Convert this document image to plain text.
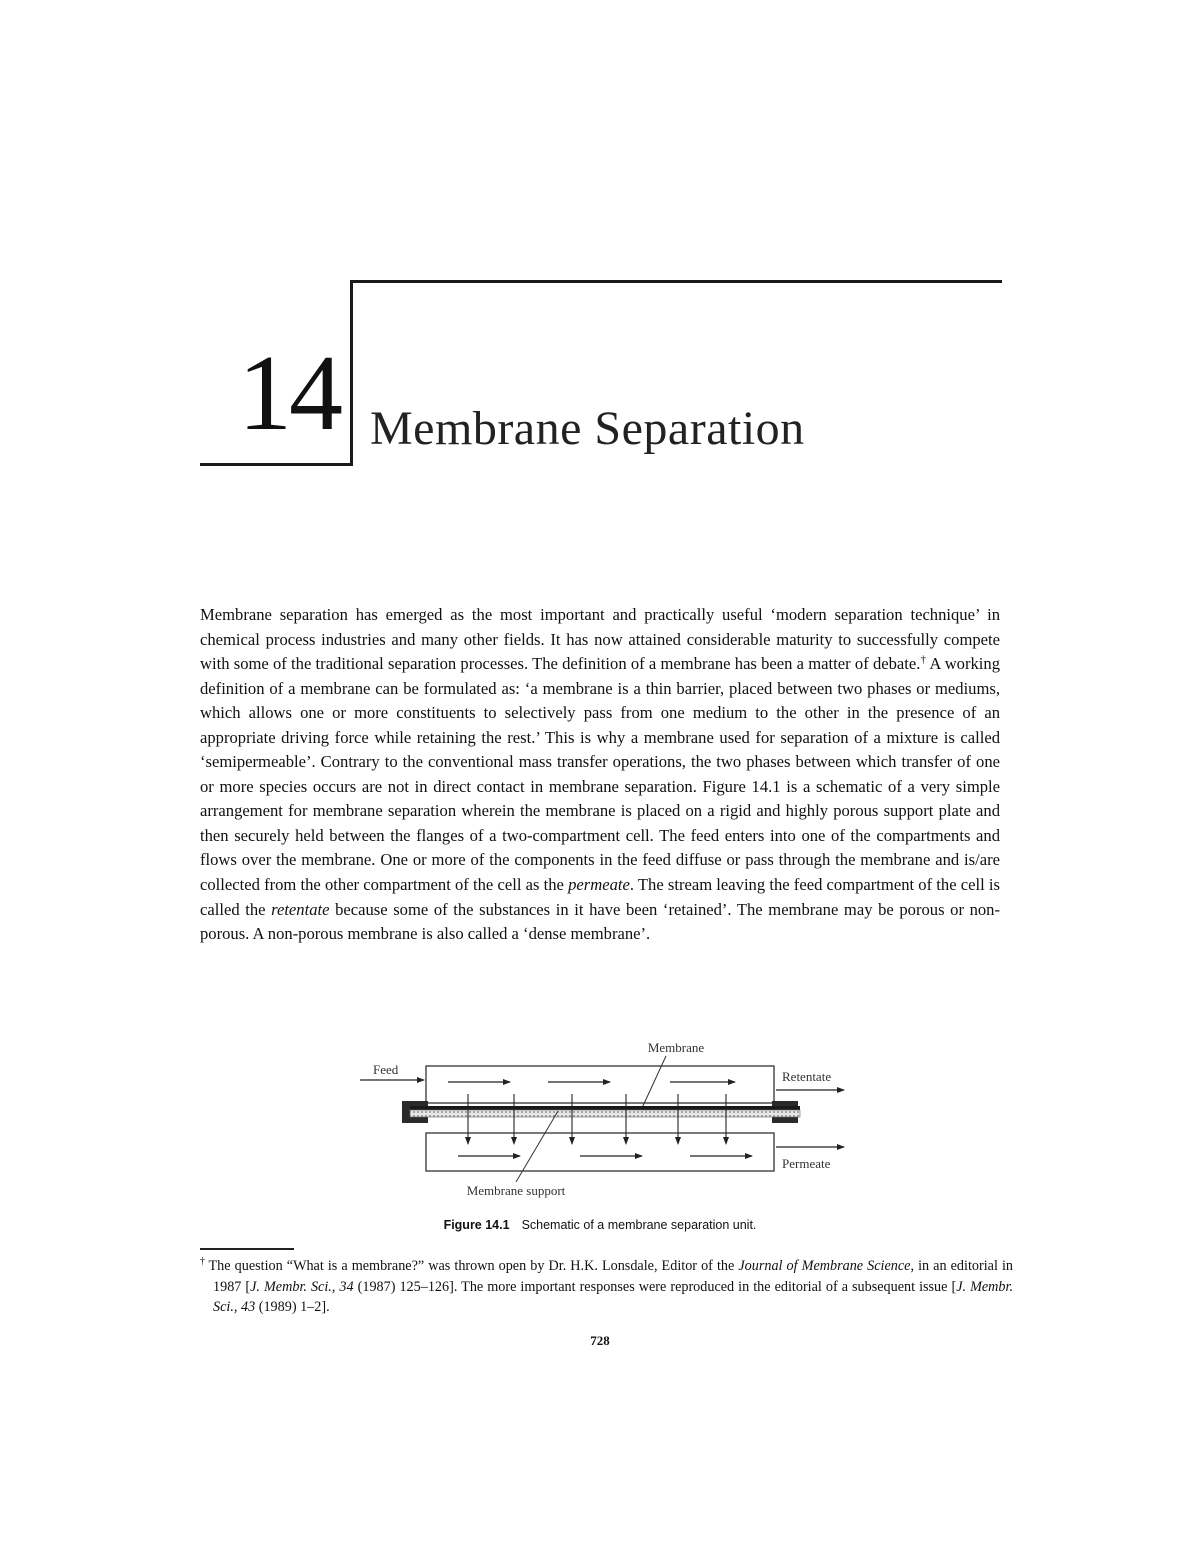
14 Membrane Separation

Membrane separation has emerged as the most important and practically useful ‘modern separation technique’ in chemical process industries and many other fields. It has now attained considerable maturity to successfully compete with some of the traditional separation processes. The definition of a membrane has been a matter of debate.† A working definition of a membrane can be formulated as: ‘a membrane is a thin barrier, placed between two phases or mediums, which allows one or more constituents to selectively pass from one medium to the other in the presence of an appropriate driving force while retaining the rest.’ This is why a membrane used for separation of a mixture is called ‘semipermeable’. Contrary to the conventional mass transfer operations, the two phases between which transfer of one or more species occurs are not in direct contact in membrane separation. Figure 14.1 is a schematic of a very simple arrangement for membrane separation wherein the membrane is placed on a rigid and highly porous support plate and then securely held between the flanges of a two-compartment cell. The feed enters into one of the compartments and flows over the membrane. One or more of the components in the feed diffuse or pass through the membrane and is/are collected from the other compartment of the cell as the permeate. The stream leaving the feed compartment of the cell is called the retentate because some of the substances in it have been ‘retained’. The membrane may be porous or non-porous. A non-porous membrane is also called a ‘dense membrane’.

Membrane
Feed	Retentate
Permeate
Membrane support
Figure 14.1 Schematic of a membrane separation unit.

† The question “What is a membrane?” was thrown open by Dr. H.K. Lonsdale, Editor of the Journal of Membrane Science, in an editorial in 1987 [J. Membr. Sci., 34 (1987) 125–126]. The more important responses were reproduced in the editorial of a subsequent issue [J. Membr. Sci., 43 (1989) 1–2].

728
